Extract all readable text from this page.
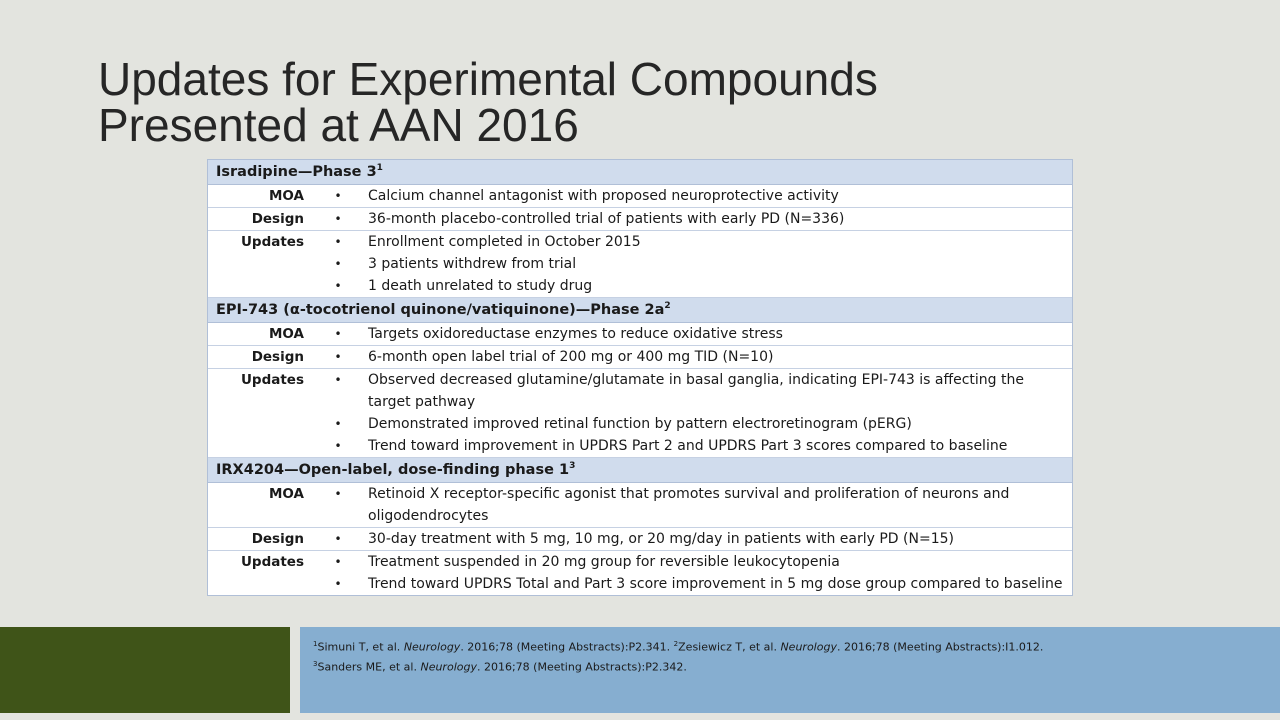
Updates for Experimental Compounds
Presented at AAN 2016
Isradipine—Phase $3^1$
MOA	•	Calcium channel antagonist with proposed neuroprotective activity
Design	•	36-month placebo-controlled trial of patients with early PD (N=336)
Updates	•	Enrollment completed in October 2015
•	3 patients withdrew from trial
•	1 death unrelated to study drug
EPI-743 (α-tocotrienol quinone/vatiquinone)—Phase $2a^2$
MOA	•	Targets oxidoreductase enzymes to reduce oxidative stress
Design	•	6-month open label trial of 200 mg or 400 mg TID (N=10)
Updates	•	Observed decreased glutamine/glutamate in basal ganglia, indicating EPI-743 is affecting the target pathway
•	Demonstrated improved retinal function by pattern electroretinogram (pERG)
•	Trend toward improvement in UPDRS Part 2 and UPDRS Part 3 scores compared to baseline
IRX4204—Open-label, dose-finding phase $1^3$
MOA	•	Retinoid X receptor-specific agonist that promotes survival and proliferation of neurons and oligodendrocytes
Design	•	30-day treatment with 5 mg, 10 mg, or 20 mg/day in patients with early PD (N=15)
Updates	•	Treatment suspended in 20 mg group for reversible leukocytopenia
•	Trend toward UPDRS Total and Part 3 score improvement in 5 mg dose group compared to baseline
$^1$Simuni T, et al. Neurology. 2016;78 (Meeting Abstracts):P2.341. $^2$Zesiewicz T, et al. Neurology. 2016;78 (Meeting Abstracts):I1.012.
$^3$Sanders ME, et al. Neurology. 2016;78 (Meeting Abstracts):P2.342.
